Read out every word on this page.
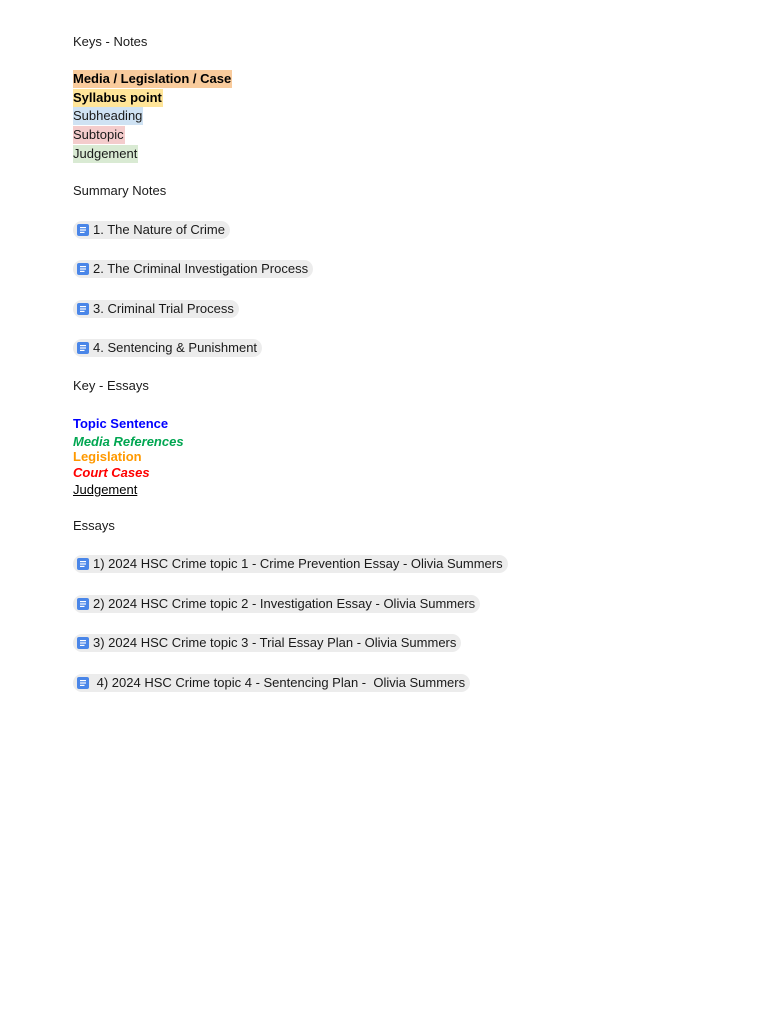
Keys - Notes
Media / Legislation / Case
Syllabus point
Subheading
Subtopic
Judgement
Summary Notes
1. The Nature of Crime
2. The Criminal Investigation Process
3. Criminal Trial Process
4. Sentencing & Punishment
Key - Essays
Topic Sentence
Media References
Legislation
Court Cases
Judgement
Essays
1) 2024 HSC Crime topic 1 - Crime Prevention Essay - Olivia Summers
2) 2024 HSC Crime topic 2 - Investigation Essay - Olivia Summers
3) 2024 HSC Crime topic 3 - Trial Essay Plan - Olivia Summers
4) 2024 HSC Crime topic 4 - Sentencing Plan -  Olivia Summers
